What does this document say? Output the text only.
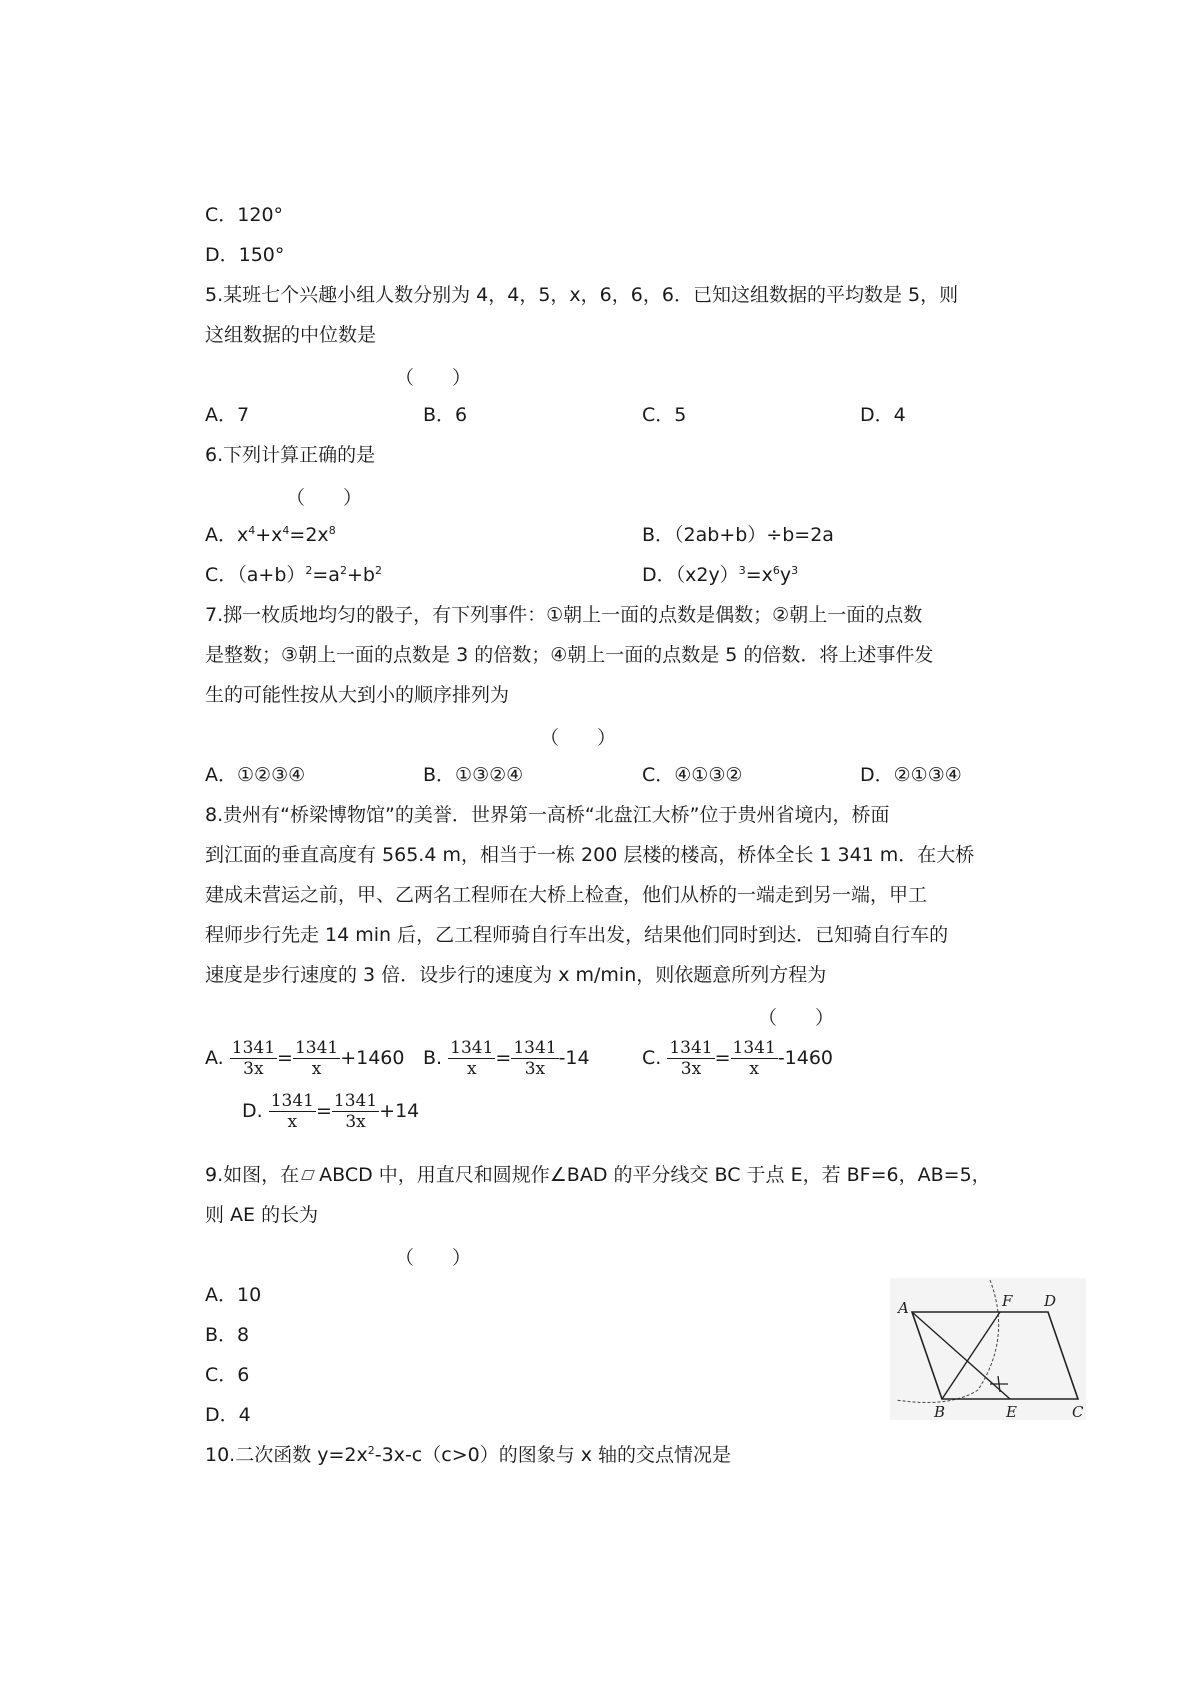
C．120°
D．150°
5.某班七个兴趣小组人数分别为 4，4，5，x，6，6，6．已知这组数据的平均数是 5，则
这组数据的中位数是
（　　）
A．7	B．6	C．5	D．4
6.下列计算正确的是
（　　）
A．$x^4+x^4=2x^8$	B．（2ab+b）÷b=2a
C．$(a+b)^2=a^2+b^2$	D．$(x2y)^3=x^6y^3$
7.掷一枚质地均匀的骰子，有下列事件：①朝上一面的点数是偶数；②朝上一面的点数
是整数；③朝上一面的点数是 3 的倍数；④朝上一面的点数是 5 的倍数．将上述事件发
生的可能性按从大到小的顺序排列为
（　　）
A．①②③④	B．①③②④	C．④①③②	D．②①③④
8.贵州有“桥梁博物馆”的美誉．世界第一高桥“北盘江大桥”位于贵州省境内，桥面
到江面的垂直高度有 565.4 m，相当于一栋 200 层楼的楼高，桥体全长 1 341 m．在大桥
建成未营运之前，甲、乙两名工程师在大桥上检查，他们从桥的一端走到另一端，甲工
程师步行先走 14 min 后，乙工程师骑自行车出发，结果他们同时到达．已知骑自行车的
速度是步行速度的 3 倍．设步行的速度为 x m/min，则依题意所列方程为
（　　）
A. $\frac{1341}{3x} = \frac{1341}{x} +1460$ B. $\frac{1341}{x} = \frac{1341}{3x} -14$	C. $\frac{1341}{3x} = \frac{1341}{x} -1460$
D. $\frac{1341}{x} = \frac{1341}{3x} +14$
9.如图，在 ABCD 中，用直尺和圆规作∠BAD 的平分线交 BC 于点 E，若 BF=6，AB=5，
则 AE 的长为
（　　）
A．10
B．8
C．6
D．4
A	F D
B	E	C
10.二次函数 $y=2x^2-3x-c(c>0)$的图象与 x 轴的交点情况是
